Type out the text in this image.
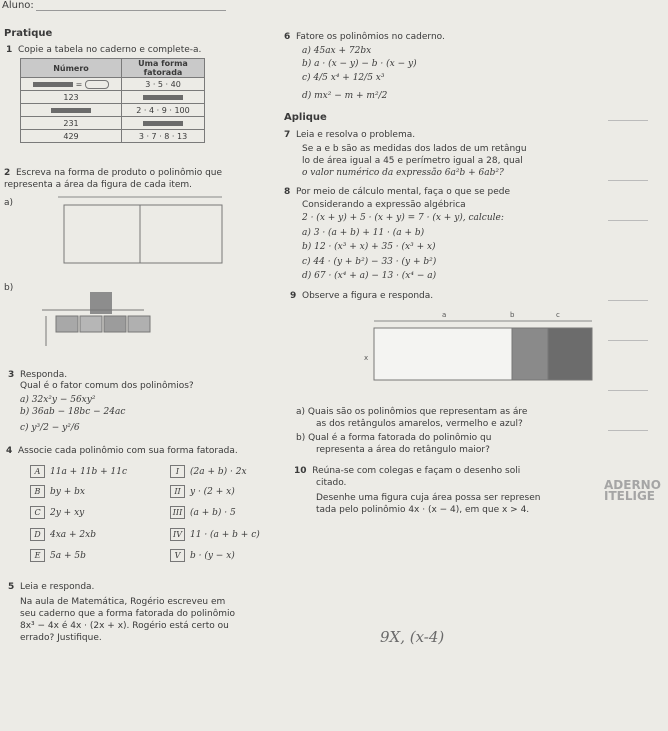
Aluno:
Pratique
1 Copie a tabela no caderno e complete-a.
Número	Uma forma fatorada
=	3 · 5 · 40
123	
	2 · 4 · 9 · 100
231	
429	3 · 7 · 8 · 13
2 Escreva na forma de produto o polinômio que
representa a área da figura de cada item.
a)
b)
3 Responda.
Qual é o fator comum dos polinômios?
a) 32x²y − 56xy²
b) 36ab − 18bc − 24ac
c) y³/2 − y²/6
4 Associe cada polinômio com sua forma fatorada.
A 11a + 11b + 11c
B by + bx
C 2y + xy
D 4xa + 2xb
E 5a + 5b
I (2a + b) · 2x
II y · (2 + x)
III (a + b) · 5
IV 11 · (a + b + c)
V b · (y − x)
5 Leia e responda.
Na aula de Matemática, Rogério escreveu em
seu caderno que a forma fatorada do polinômio
8x³ − 4x é 4x · (2x + x). Rogério está certo ou
errado? Justifique.
6 Fatore os polinômios no caderno.
a) 45ax + 72bx
b) a · (x − y) − b · (x − y)
c) 4/5 x⁴ + 12/5 x³
d) mx² − m + m²/2
Aplique
7 Leia e resolva o problema.
Se a e b são as medidas dos lados de um retângu
lo de área igual a 45 e perímetro igual a 28, qual
o valor numérico da expressão 6a²b + 6ab²?
8 Por meio de cálculo mental, faça o que se pede
Considerando a expressão algébrica
2 · (x + y) + 5 · (x + y) = 7 · (x + y), calcule:
a) 3 · (a + b) + 11 · (a + b)
b) 12 · (x³ + x) + 35 · (x³ + x)
c) 44 · (y + b²) − 33 · (y + b²)
d) 67 · (x⁴ + a) − 13 · (x⁴ − a)
9 Observe a figura e responda.
a	b	c
x
a) Quais são os polinômios que representam as áre
as dos retângulos amarelos, vermelho e azul?
b) Qual é a forma fatorada do polinômio qu
representa a área do retângulo maior?
10 Reúna-se com colegas e façam o desenho soli
citado.
Desenhe uma figura cuja área possa ser represen
tada pelo polinômio 4x · (x − 4), em que x > 4.
ADERNO
ITELIGE
9X, (x-4)
